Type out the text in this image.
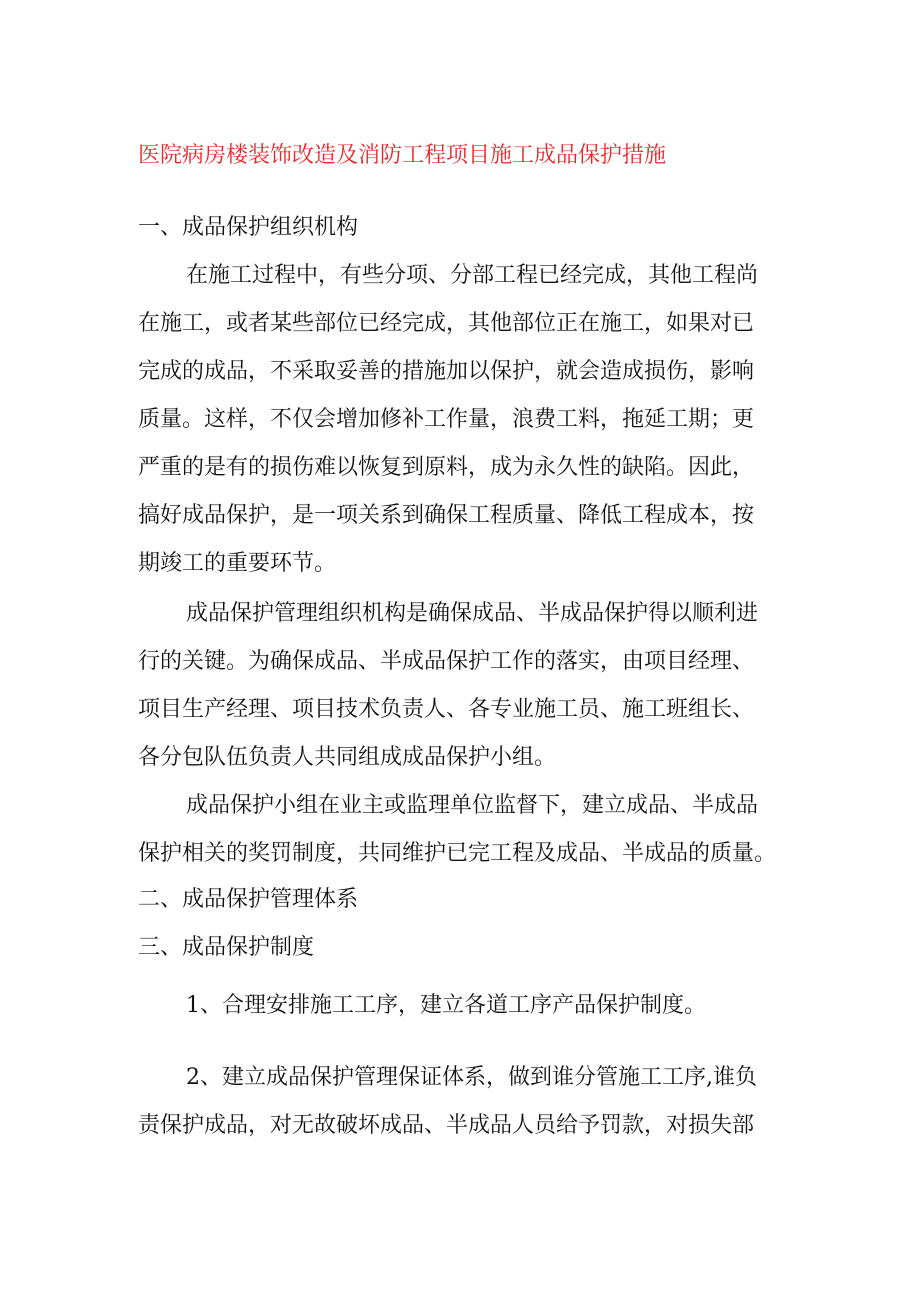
医院病房楼装饰改造及消防工程项目施工成品保护措施
一、成品保护组织机构
在施工过程中，有些分项、分部工程已经完成，其他工程尚
在施工，或者某些部位已经完成，其他部位正在施工，如果对已
完成的成品，不采取妥善的措施加以保护，就会造成损伤，影响
质量。这样，不仅会增加修补工作量，浪费工料，拖延工期；更
严重的是有的损伤难以恢复到原料，成为永久性的缺陷。因此，
搞好成品保护，是一项关系到确保工程质量、降低工程成本，按
期竣工的重要环节。
成品保护管理组织机构是确保成品、半成品保护得以顺利进
行的关键。为确保成品、半成品保护工作的落实，由项目经理、
项目生产经理、项目技术负责人、各专业施工员、施工班组长、
各分包队伍负责人共同组成成品保护小组。
成品保护小组在业主或监理单位监督下，建立成品、半成品
保护相关的奖罚制度，共同维护已完工程及成品、半成品的质量。
二、成品保护管理体系
三、成品保护制度
1、合理安排施工工序，建立各道工序产品保护制度。
2、建立成品保护管理保证体系，做到谁分管施工工序,谁负
责保护成品，对无故破坏成品、半成品人员给予罚款，对损失部
